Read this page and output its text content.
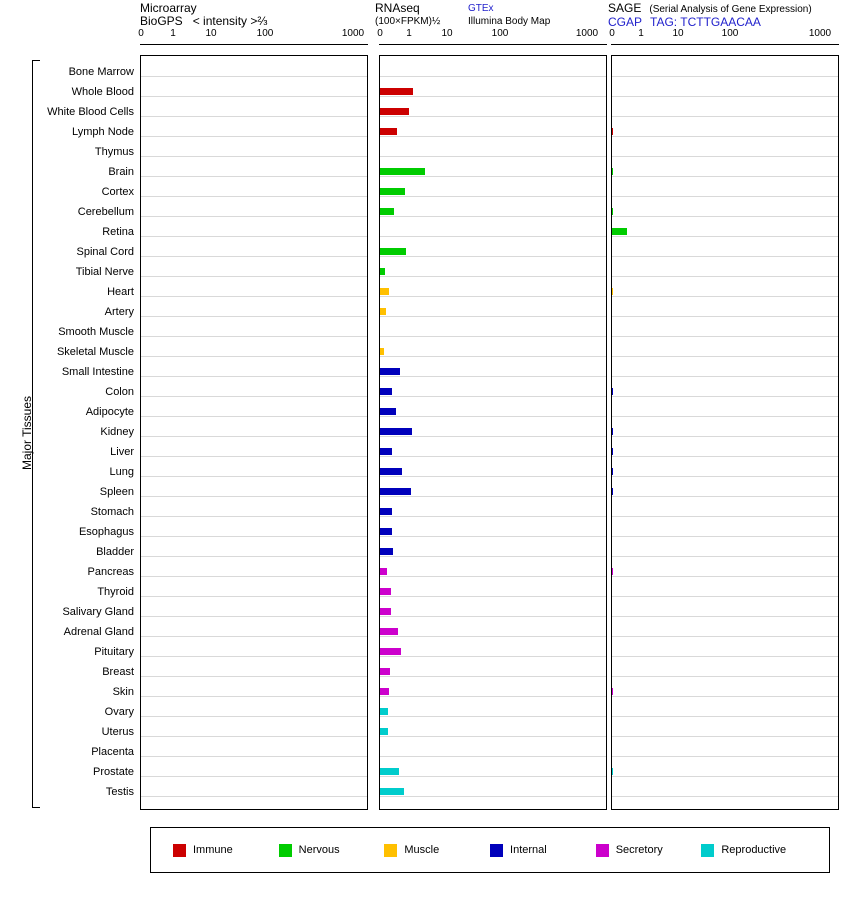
Microarray
BioGPS < intensity >⅔
RNAseq
(100×FPKM)½
GTEx
Illumina Body Map
SAGE (Serial Analysis of Gene Expression)
CGAP TAG: TCTTGAACAA
0	1	10	100	1000 0 1	10	100	1000 0 1	10	100	1000
Major Tissues
Bone Marrow
Whole Blood
White Blood Cells
Lymph Node
Thymus
Brain
Cortex
Cerebellum
Retina
Spinal Cord
Tibial Nerve
Heart
Artery
Smooth Muscle
Skeletal Muscle
Small Intestine
Colon
Adipocyte
Kidney
Liver
Lung
Spleen
Stomach
Esophagus
Bladder
Pancreas
Thyroid
Salivary Gland
Adrenal Gland
Pituitary
Breast
Skin
Ovary
Uterus
Placenta
Prostate
Testis
Immune	Nervous	Muscle	Internal	Secretory	Reproductive
